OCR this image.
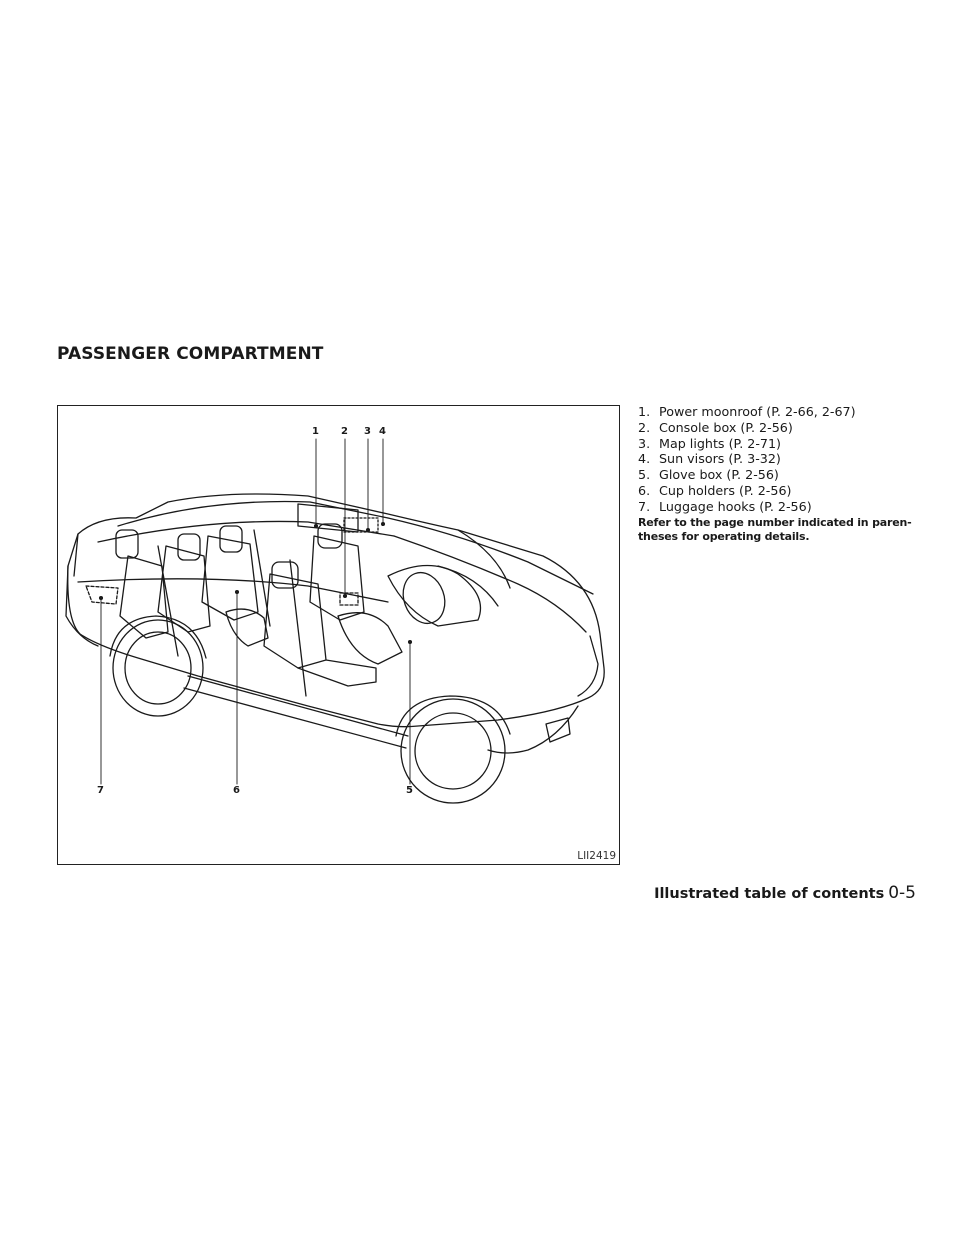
PASSENGER COMPARTMENT
1 2 3 4
5
6
7
LII2419
1. Power moonroof (P. 2-66, 2-67)
2. Console box (P. 2-56)
3. Map lights (P. 2-71)
4. Sun visors (P. 3-32)
5. Glove box (P. 2-56)
6. Cup holders (P. 2-56)
7. Luggage hooks (P. 2-56)

Refer to the page number indicated in paren-
theses for operating details.

Illustrated table of contents 0-5
